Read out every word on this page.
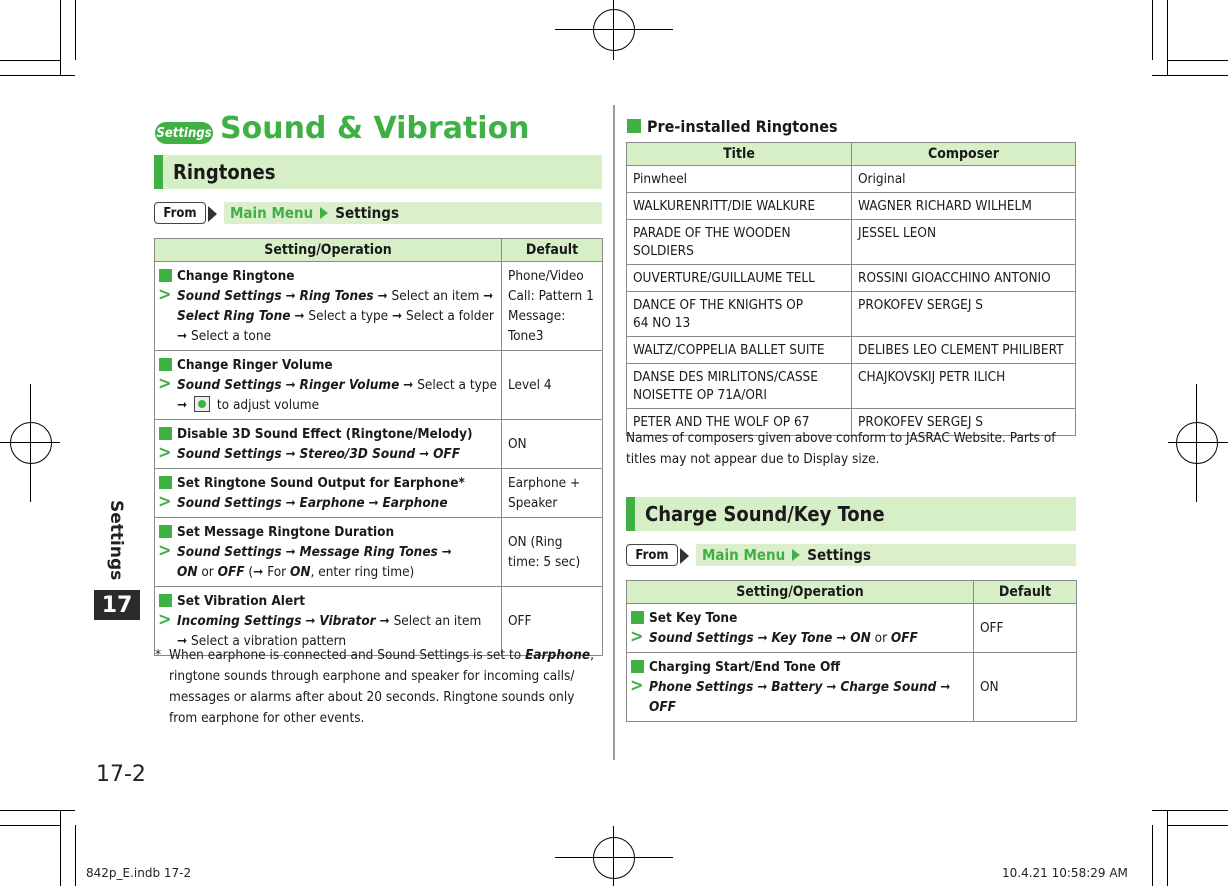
Settings
17
17-2
Settings Sound & Vibration
Ringtones
From	Main Menu Settings
Setting/Operation	Default

Change Ringtone
> Sound Settings ➞ Ring Tones ➞ Select an item ➞ Select Ring Tone ➞ Select a type ➞ Select a folder
➞ Select a tone	Phone/Video Call: Pattern 1 Message: Tone3

Change Ringer Volume
> Sound Settings ➞ Ringer Volume ➞ Select a type
➞  to adjust volume	Level 4

Disable 3D Sound Effect (Ringtone/Melody)
> Sound Settings ➞ Stereo/3D Sound ➞ OFF	ON

Set Ringtone Sound Output for Earphone*
> Sound Settings ➞ Earphone ➞ Earphone	Earphone + Speaker

Set Message Ringtone Duration
> Sound Settings ➞ Message Ring Tones ➞
ON or OFF (➞ For ON, enter ring time)	ON (Ring time: 5 sec)

Set Vibration Alert
> Incoming Settings ➞ Vibrator ➞ Select an item
➞ Select a vibration pattern	OFF
* When earphone is connected and Sound Settings is set to Earphone, ringtone sounds through earphone and speaker for incoming calls/ messages or alarms after about 20 seconds. Ringtone sounds only from earphone for other events.
Pre-installed Ringtones
Title	Composer
Pinwheel	Original
WALKURENRITT/DIE WALKURE	WAGNER RICHARD WILHELM
PARADE OF THE WOODEN SOLDIERS	JESSEL LEON
OUVERTURE/GUILLAUME TELL	ROSSINI GIOACCHINO ANTONIO
DANCE OF THE KNIGHTS OP 64 NO 13	PROKOFEV SERGEJ S
WALTZ/COPPELIA BALLET SUITE	DELIBES LEO CLEMENT PHILIBERT
DANSE DES MIRLITONS/CASSE NOISETTE OP 71A/ORI	CHAJKOVSKIJ PETR ILICH
PETER AND THE WOLF OP 67	PROKOFEV SERGEJ S
Names of composers given above conform to JASRAC Website. Parts of titles may not appear due to Display size.
Charge Sound/Key Tone
From	Main Menu Settings
Setting/Operation	Default

Set Key Tone
> Sound Settings ➞ Key Tone ➞ ON or OFF	OFF

Charging Start/End Tone Off
> Phone Settings ➞ Battery ➞ Charge Sound ➞
OFF	ON
842p_E.indb 17-2	10.4.21 10:58:29 AM
